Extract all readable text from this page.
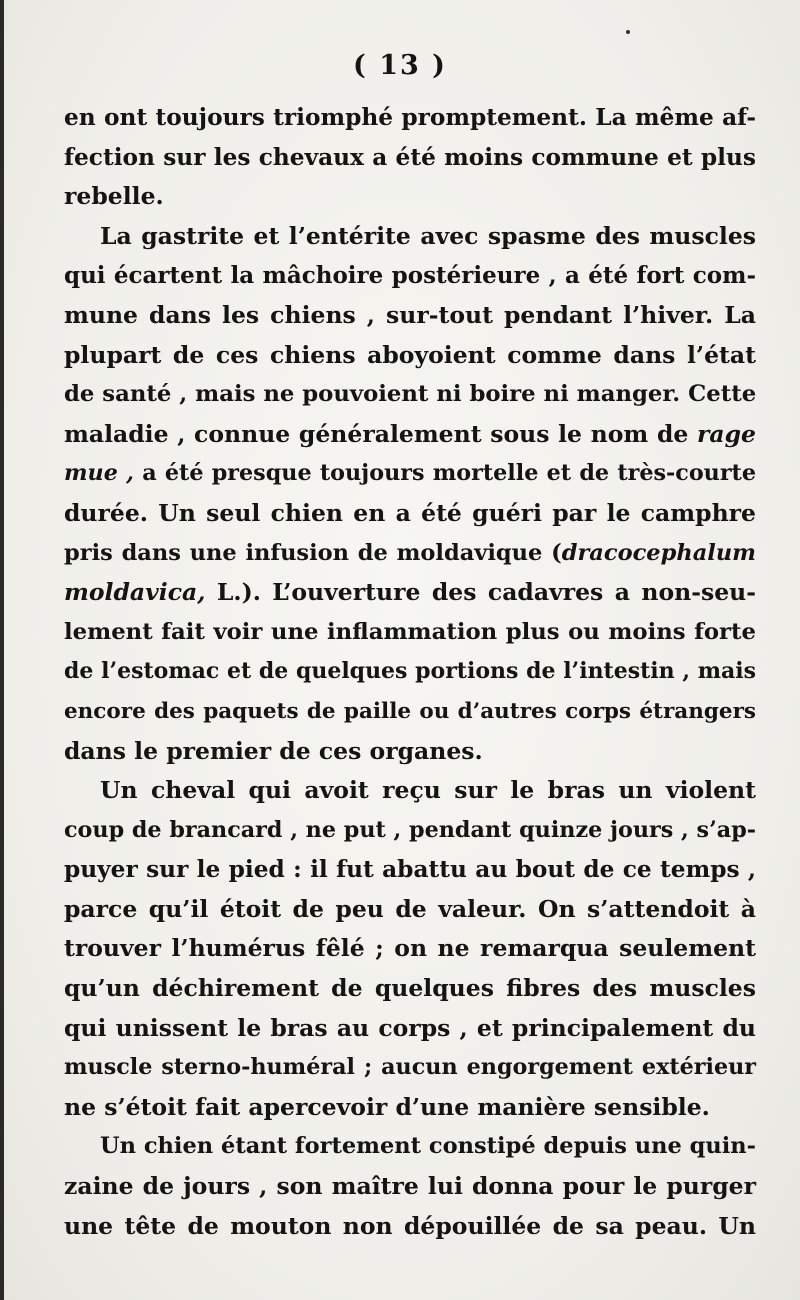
( 13 )
en ont toujours triomphé promptement. La même af-
fection sur les chevaux a été moins commune et plus
rebelle.
La gastrite et l’entérite avec spasme des muscles
qui écartent la mâchoire postérieure , a été fort com-
mune dans les chiens , sur-tout pendant l’hiver. La
plupart de ces chiens aboyoient comme dans l’état
de santé , mais ne pouvoient ni boire ni manger. Cette
maladie , connue généralement sous le nom de rage
mue , a été presque toujours mortelle et de très-courte
durée. Un seul chien en a été guéri par le camphre
pris dans une infusion de moldavique (dracocephalum
moldavica, L.). L’ouverture des cadavres a non-seu-
lement fait voir une inflammation plus ou moins forte
de l’estomac et de quelques portions de l’intestin , mais
encore des paquets de paille ou d’autres corps étrangers
dans le premier de ces organes.
Un cheval qui avoit reçu sur le bras un violent
coup de brancard , ne put , pendant quinze jours , s’ap-
puyer sur le pied : il fut abattu au bout de ce temps ,
parce qu’il étoit de peu de valeur. On s’attendoit à
trouver l’humérus fêlé ; on ne remarqua seulement
qu’un déchirement de quelques fibres des muscles
qui unissent le bras au corps , et principalement du
muscle sterno-huméral ; aucun engorgement extérieur
ne s’étoit fait apercevoir d’une manière sensible.
Un chien étant fortement constipé depuis une quin-
zaine de jours , son maître lui donna pour le purger
une tête de mouton non dépouillée de sa peau. Un
